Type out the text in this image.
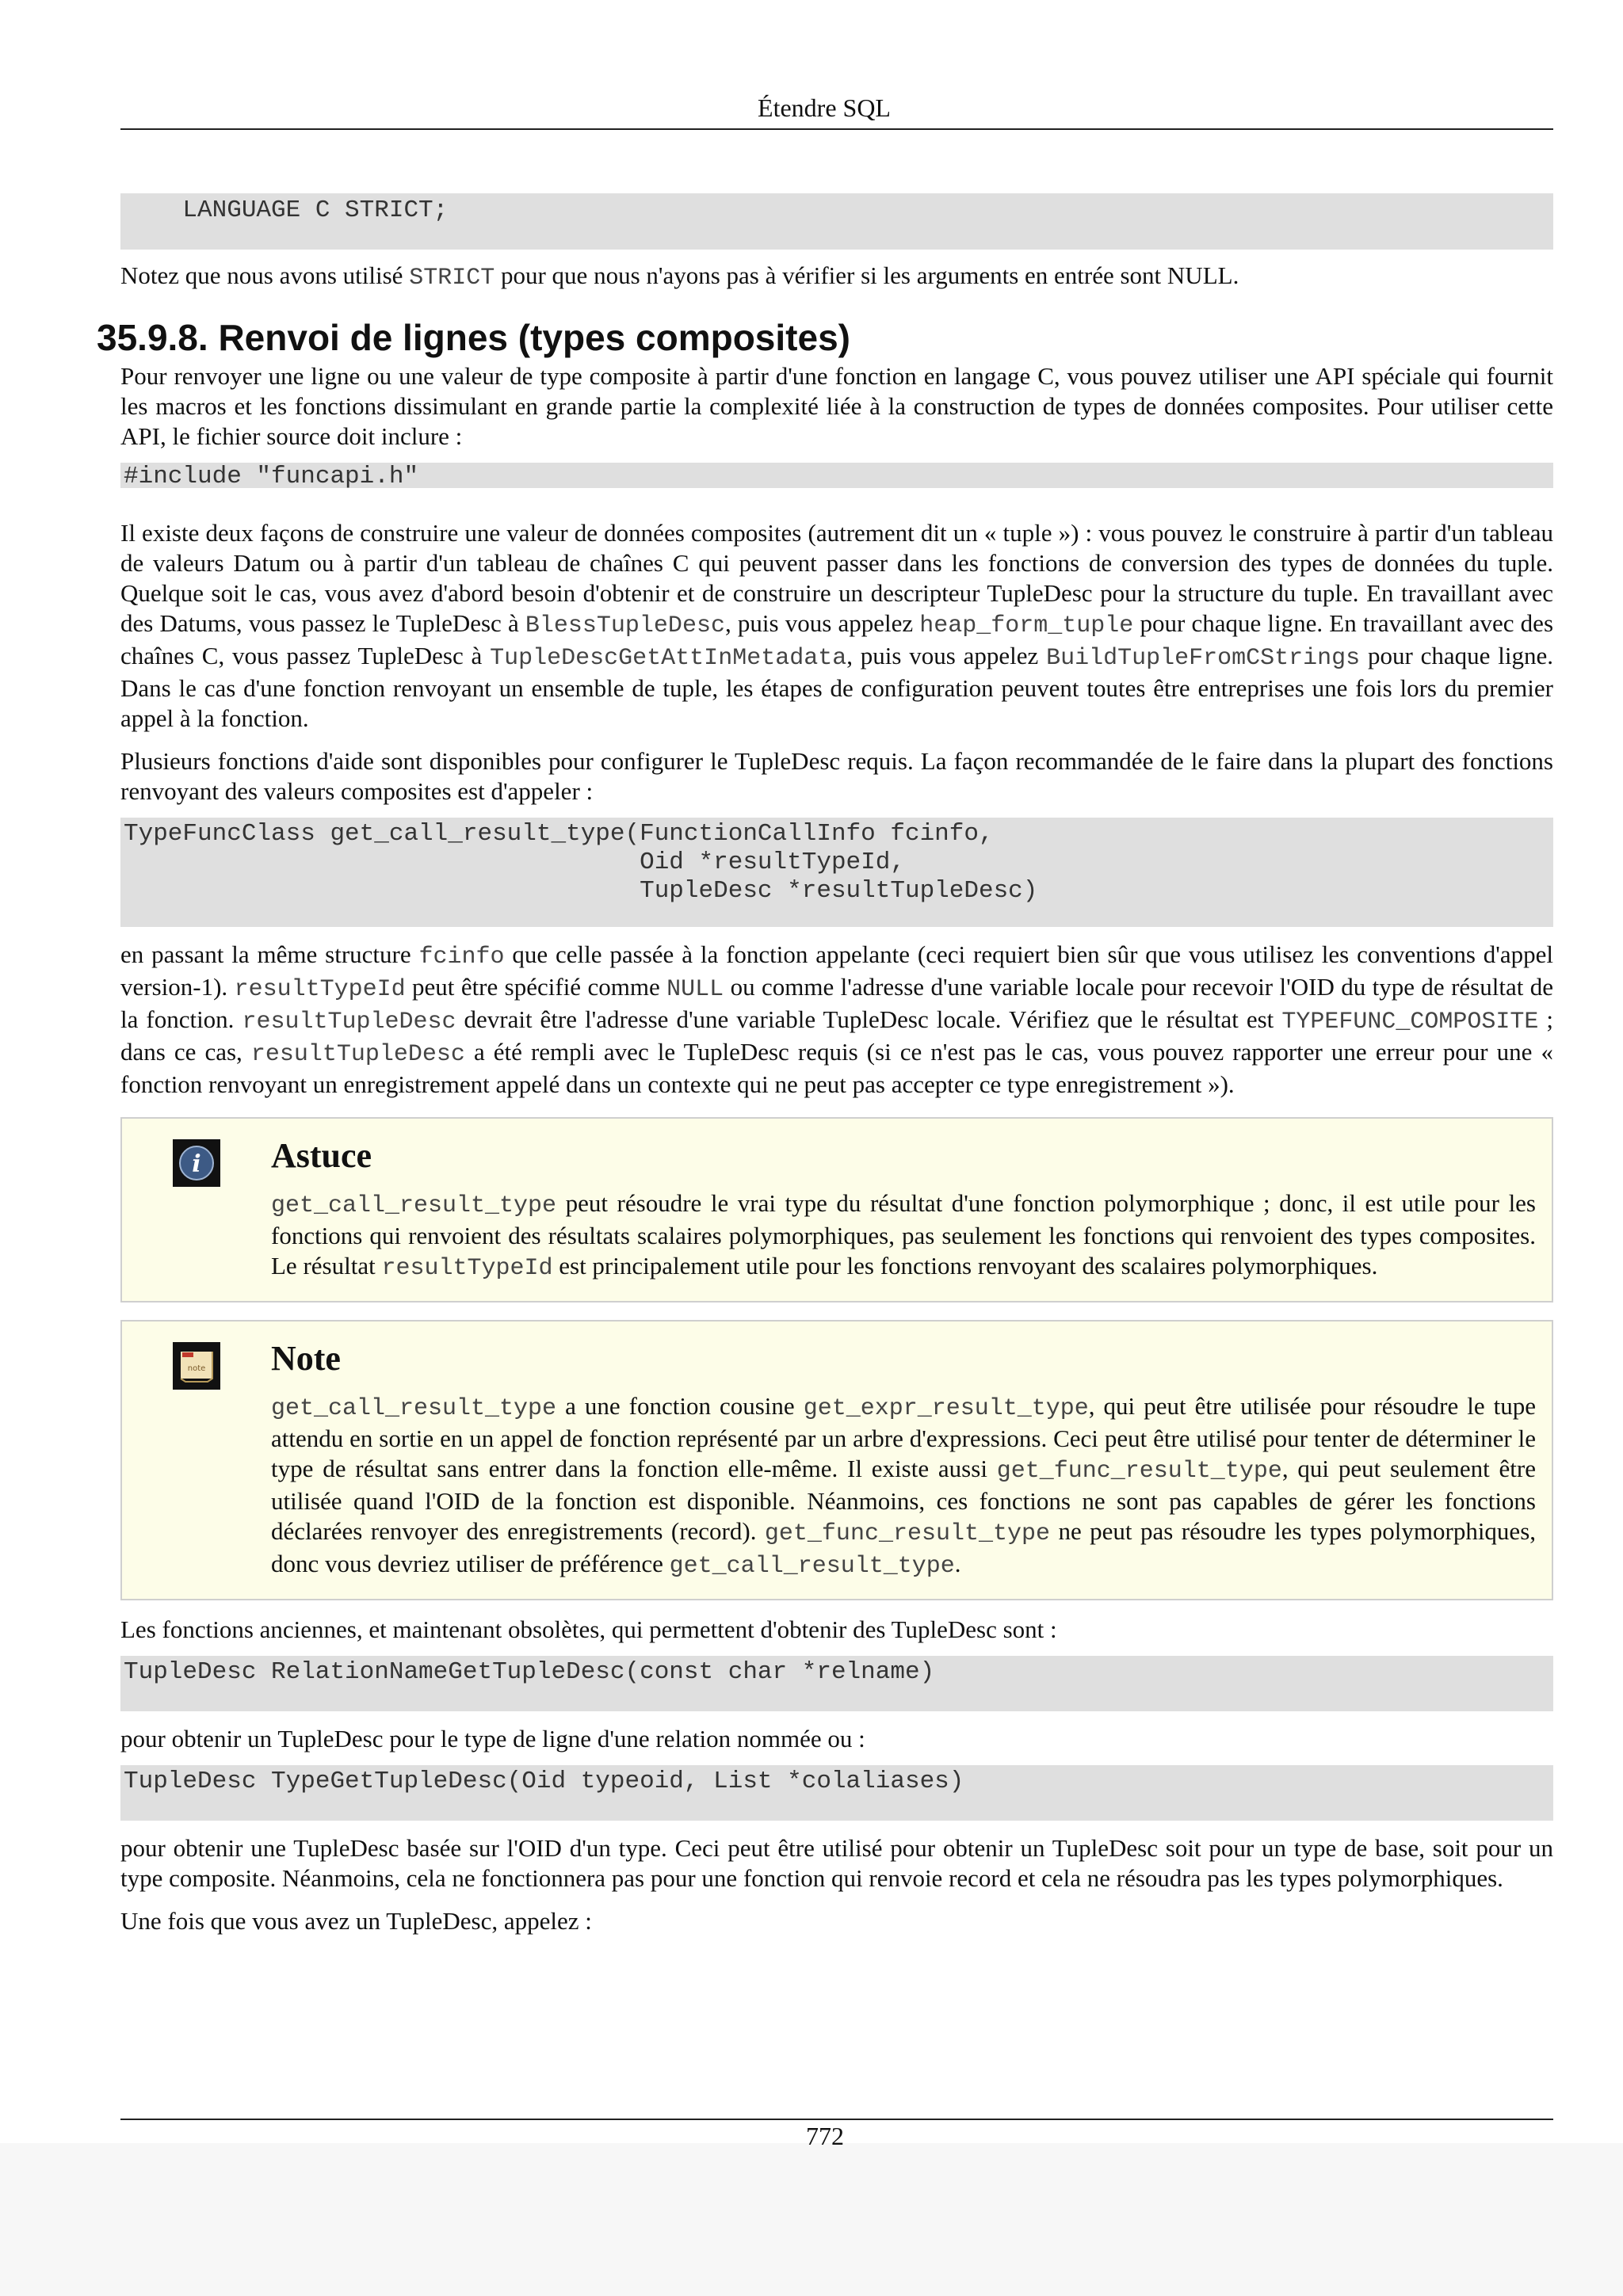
Étendre SQL
35.9.8. Renvoi de lignes (types composites)
LANGUAGE C STRICT;

Notez que nous avons utilisé STRICT pour que nous n'ayons pas à vérifier si les arguments en entrée sont NULL.

Pour renvoyer une ligne ou une valeur de type composite à partir d'une fonction en langage C, vous pouvez utiliser une API spéciale qui fournit les macros et les fonctions dissimulant en grande partie la complexité liée à la construction de types de données composites. Pour utiliser cette API, le fichier source doit inclure :

#include "funcapi.h"

Il existe deux façons de construire une valeur de données composites (autrement dit un « tuple ») : vous pouvez le construire à partir d'un tableau de valeurs Datum ou à partir d'un tableau de chaînes C qui peuvent passer dans les fonctions de conversion des types de données du tuple. Quelque soit le cas, vous avez d'abord besoin d'obtenir et de construire un descripteur TupleDesc pour la structure du tuple. En travaillant avec des Datums, vous passez le TupleDesc à BlessTupleDesc, puis vous appelez heap_form_tuple pour chaque ligne. En travaillant avec des chaînes C, vous passez TupleDesc à TupleDescGetAttInMetadata, puis vous appelez BuildTupleFromCStrings pour chaque ligne. Dans le cas d'une fonction renvoyant un ensemble de tuple, les étapes de configuration peuvent toutes être entreprises une fois lors du premier appel à la fonction.

Plusieurs fonctions d'aide sont disponibles pour configurer le TupleDesc requis. La façon recommandée de le faire dans la plupart des fonctions renvoyant des valeurs composites est d'appeler :

TypeFuncClass get_call_result_type(FunctionCallInfo fcinfo,
Oid *resultTypeId,
TupleDesc *resultTupleDesc)

en passant la même structure fcinfo que celle passée à la fonction appelante (ceci requiert bien sûr que vous utilisez les conventions d'appel version-1). resultTypeId peut être spécifié comme NULL ou comme l'adresse d'une variable locale pour recevoir l'OID du type de résultat de la fonction. resultTupleDesc devrait être l'adresse d'une variable TupleDesc locale. Vérifiez que le résultat est TYPEFUNC_COMPOSITE ; dans ce cas, resultTupleDesc a été rempli avec le TupleDesc requis (si ce n'est pas le cas, vous pouvez rapporter une erreur pour une « fonction renvoyant un enregistrement appelé dans un contexte qui ne peut pas accepter ce type enregistrement »).

i Astuce

get_call_result_type peut résoudre le vrai type du résultat d'une fonction polymorphique ; donc, il est utile pour les fonctions qui renvoient des résultats scalaires polymorphiques, pas seulement les fonctions qui renvoient des types composites. Le résultat resultTypeId est principalement utile pour les fonctions renvoyant des scalaires polymorphiques.

note Note

get_call_result_type a une fonction cousine get_expr_result_type, qui peut être utilisée pour résoudre le tupe attendu en sortie en un appel de fonction représenté par un arbre d'expressions. Ceci peut être utilisé pour tenter de déterminer le type de résultat sans entrer dans la fonction elle-même. Il existe aussi get_func_result_type, qui peut seulement être utilisée quand l'OID de la fonction est disponible. Néanmoins, ces fonctions ne sont pas capables de gérer les fonctions déclarées renvoyer des enregistrements (record). get_func_result_type ne peut pas résoudre les types polymorphiques, donc vous devriez utiliser de préférence get_call_result_type.

Les fonctions anciennes, et maintenant obsolètes, qui permettent d'obtenir des TupleDesc sont :

TupleDesc RelationNameGetTupleDesc(const char *relname)

pour obtenir un TupleDesc pour le type de ligne d'une relation nommée ou :

TupleDesc TypeGetTupleDesc(Oid typeoid, List *colaliases)

pour obtenir une TupleDesc basée sur l'OID d'un type. Ceci peut être utilisé pour obtenir un TupleDesc soit pour un type de base, soit pour un type composite. Néanmoins, cela ne fonctionnera pas pour une fonction qui renvoie record et cela ne résoudra pas les types polymorphiques.

Une fois que vous avez un TupleDesc, appelez :

772
